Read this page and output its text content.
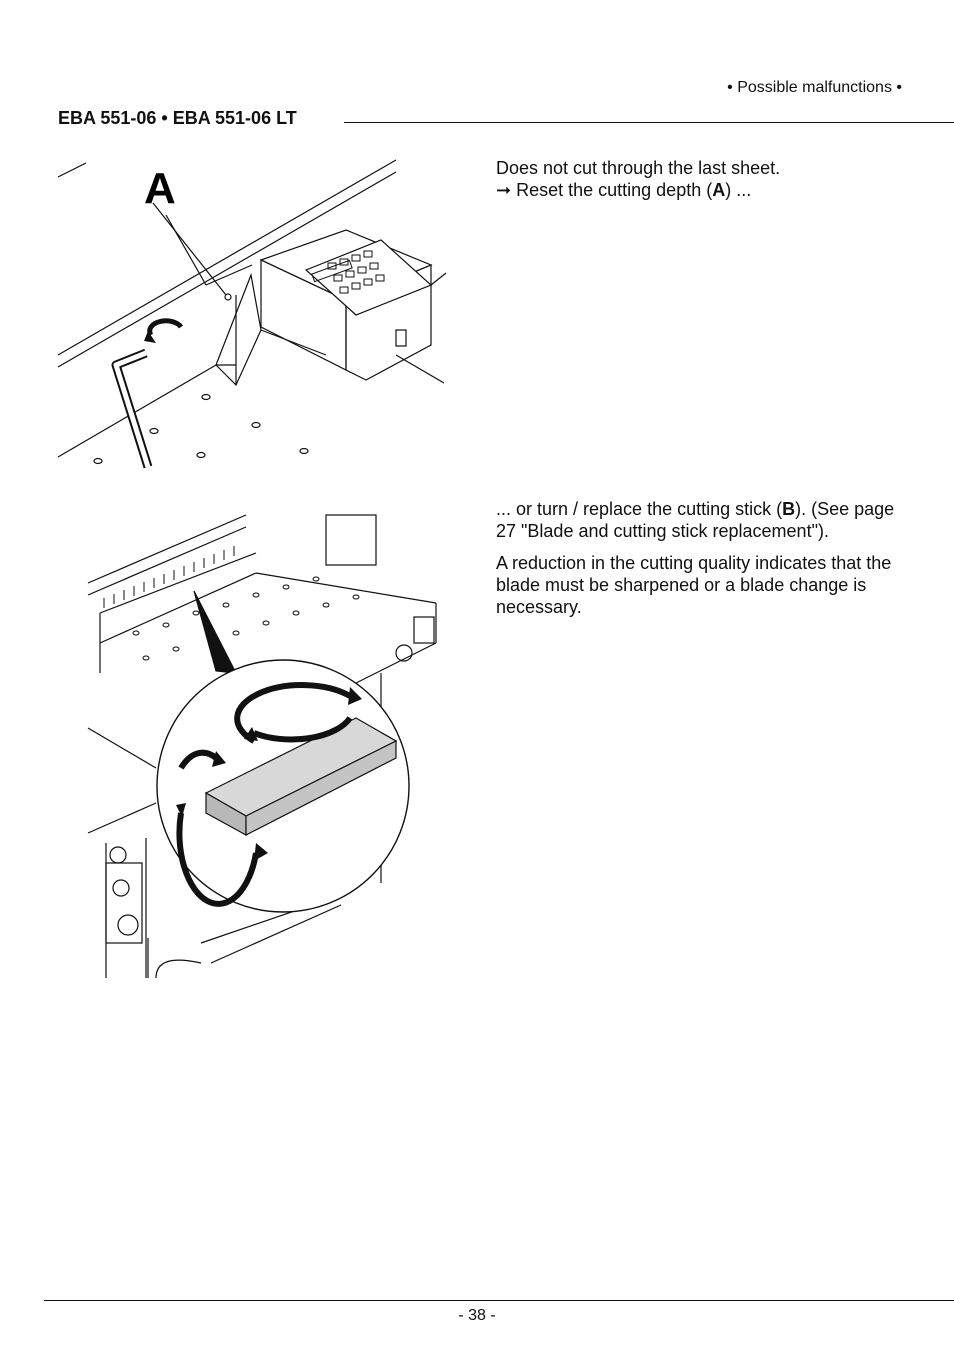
• Possible malfunctions •
EBA 551-06 • EBA 551-06 LT
A	Does not cut through the last sheet.
➞ Reset the cutting depth (A) ...

... or turn / replace the cutting stick (B). (See page 27 "Blade and cutting stick replacement").

A reduction in the cutting quality indicates that the blade must be sharpened or a blade change is necessary.

- 38 -
